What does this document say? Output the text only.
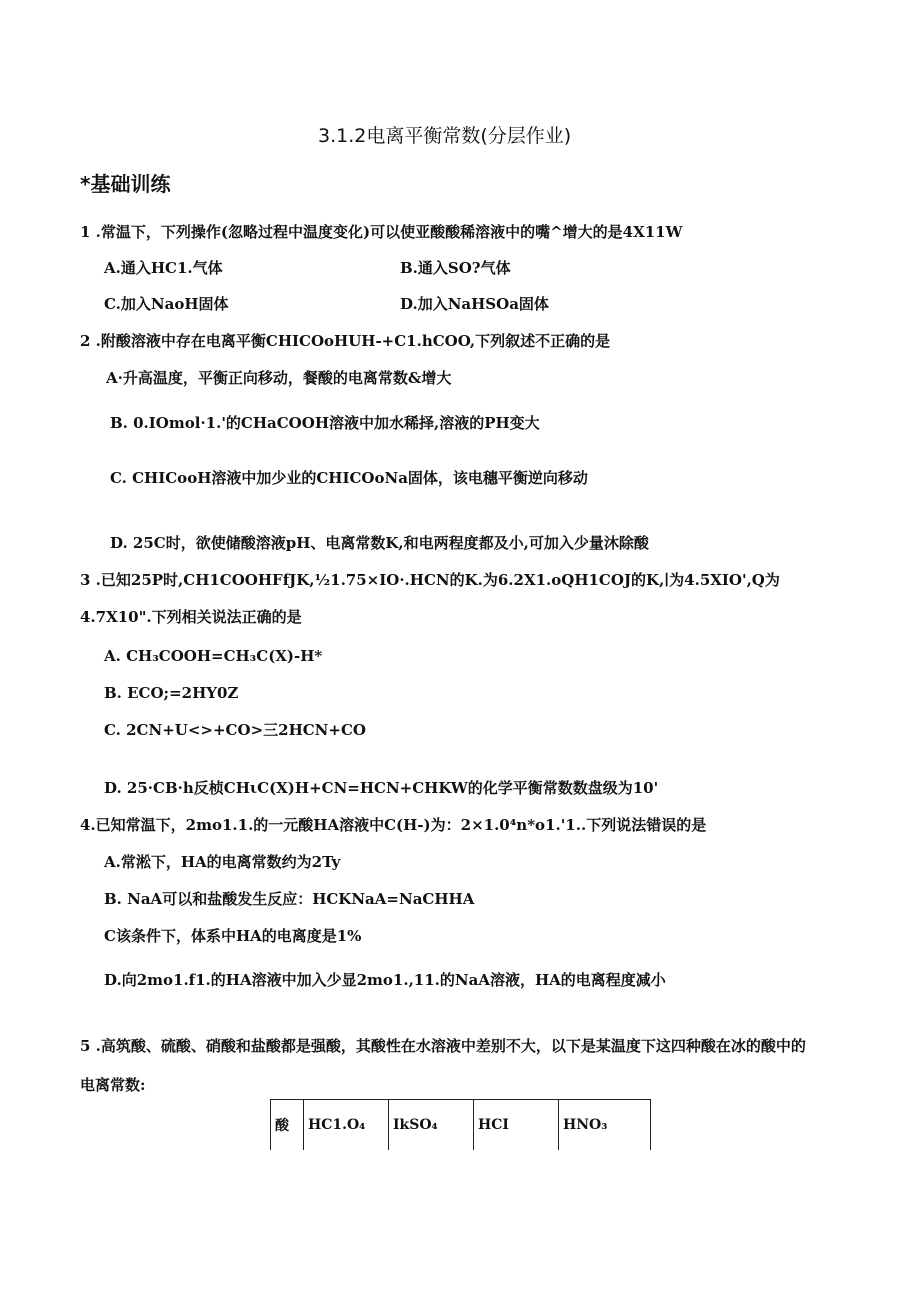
3.1.2电离平衡常数(分层作业)
*基础训练
1 .常温下，下列操作(忽略过程中温度变化)可以使亚酸酸稀溶液中的嘴^增大的是4X11W
A.通入HC1.气体	B.通入SO?气体
C.加入NaoH固体	D.加入NaHSOa固体
2 .附酸溶液中存在电离平衡CHICOoHUH-+C1.hCOO,下列叙述不正确的是
A·升高温度，平衡正向移动，餐酸的电离常数&增大
B. 0.IOmol·1.'的CHaCOOH溶液中加水稀择,溶液的PH变大
C. CHICooH溶液中加少业的CHICOoNa固体，该电穗平衡逆向移动
D. 25C时，欲使储酸溶液pH、电离常数K,和电两程度都及小,可加入少量沐除酸
3 .已知25P时,CH1COOHFfJK,½1.75×IO·.HCN的K.为6.2X1.oQH1COJ的K,∣为4.5XIO',Q为
4.7X10".下列相关说法正确的是
A. CH₃COOH=CH₃C(X)-H*
B. ECO;=2HY0Z
C. 2CN+U<>+CO>三2HCN+CO
D. 25·CB·h反桢CHιC(X)H+CN=HCN+CHKW的化学平衡常数数盘级为10'
4.已知常温下，2mo1.1.的一元酸HA溶液中C(H-)为：2×1.0⁴n*o1.'1..下列说法错误的是
A.常淞下，HA的电离常数约为2Ty
B. NaA可以和盐酸发生反应：HCKNaA=NaCHHA
C该条件下，体系中HA的电离度是1%
D.向2mo1.f1.的HA溶液中加入少显2mo1.,11.的NaA溶液，HA的电离程度减小
5 .高筑酸、硫酸、硝酸和盐酸都是强酸，其酸性在水溶液中差别不大，以下是某温度下这四种酸在冰的酸中的
电离常数:
酸	HC1.O₄	IkSO₄	HCI	HNO₃
